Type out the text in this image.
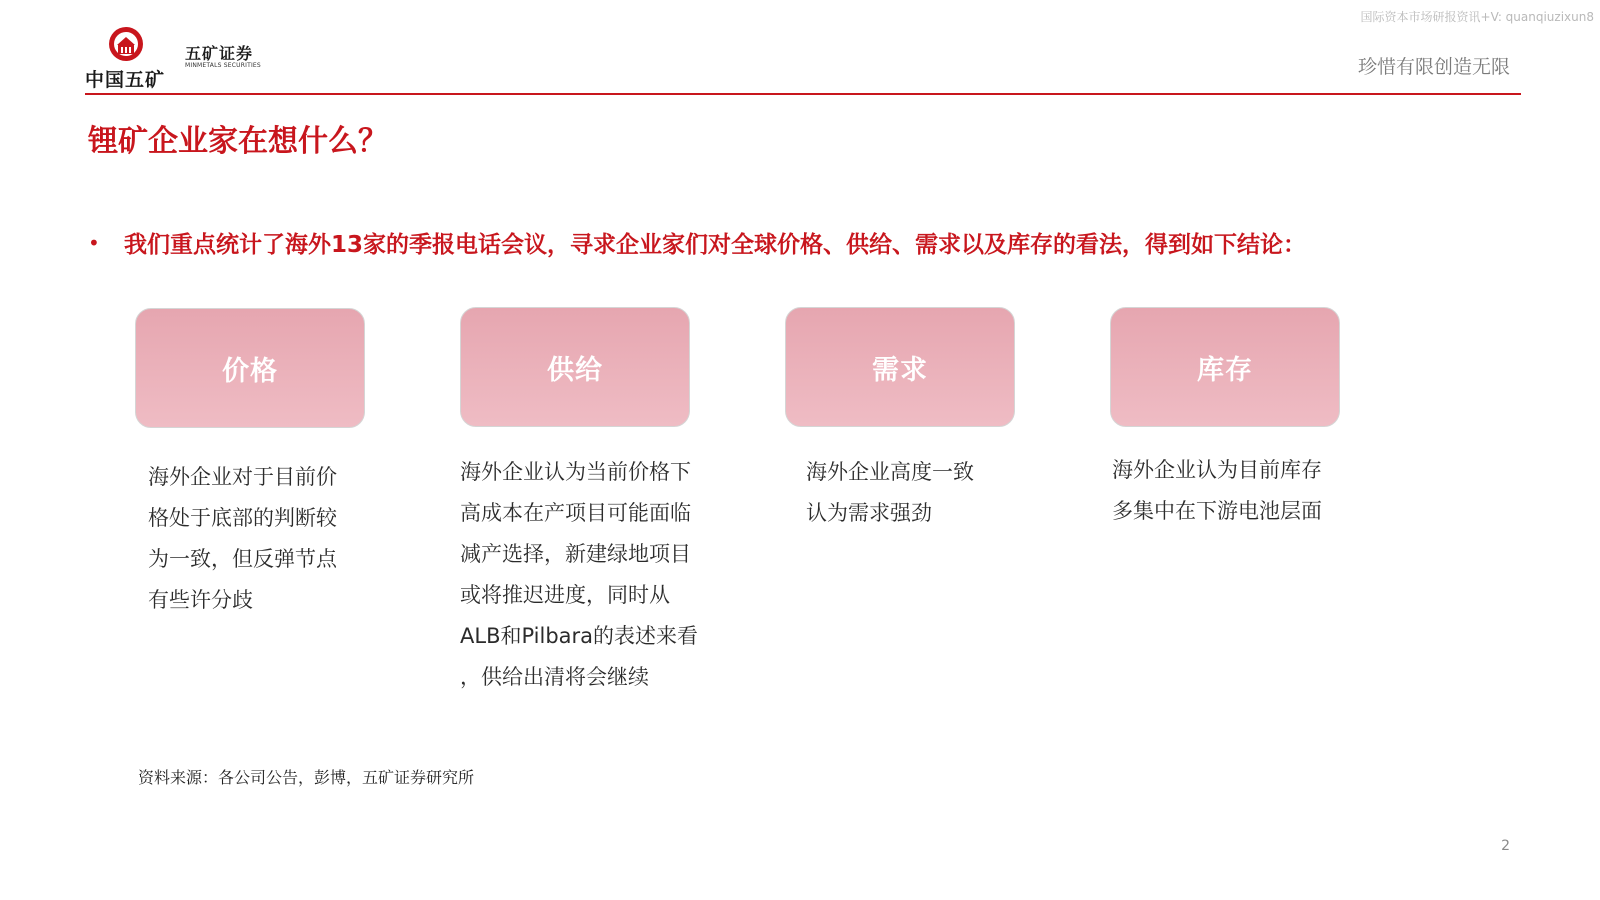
国际资本市场研报资讯+V: quanqiuzixun8
中国五矿
五矿证券
MINMETALS SECURITIES	珍惜有限创造无限
锂矿企业家在想什么？
•	我们重点统计了海外13家的季报电话会议，寻求企业家们对全球价格、供给、需求以及库存的看法，得到如下结论：
价格	供给	需求	库存
海外企业对于目前价
格处于底部的判断较
为一致，但反弹节点
有些许分歧
海外企业认为当前价格下
高成本在产项目可能面临
减产选择，新建绿地项目
或将推迟进度，同时从
ALB和Pilbara的表述来看
，供给出清将会继续
海外企业高度一致
认为需求强劲
海外企业认为目前库存
多集中在下游电池层面
资料来源：各公司公告，彭博，五矿证券研究所
2
